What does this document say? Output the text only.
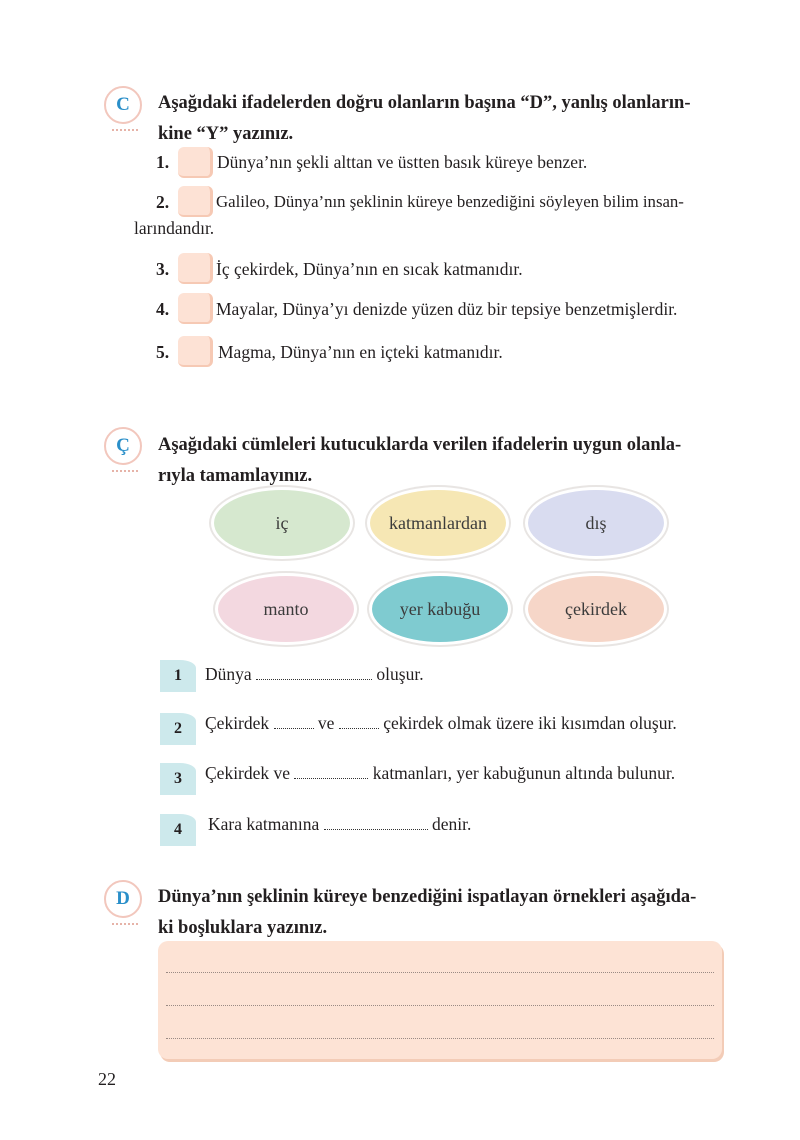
C Aşağıdaki ifadelerden doğru olanların başına “D”, yanlış olanların-
kine “Y” yazınız.
1.	Dünya’nın şekli alttan ve üstten basık küreye benzer.
2.	Galileo, Dünya’nın şeklinin küreye benzediğini söyleyen bilim insan-
larındandır.
3.	İç çekirdek, Dünya’nın en sıcak katmanıdır.
4.	Mayalar, Dünya’yı denizde yüzen düz bir tepsiye benzetmişlerdir.
5.	Magma, Dünya’nın en içteki katmanıdır.
Ç Aşağıdaki cümleleri kutucuklarda verilen ifadelerin uygun olanla-
rıyla tamamlayınız.
iç	katmanlardan	dış
manto	yer kabuğu	çekirdek
1 Dünya	oluşur.
2 Çekirdek  ve  çekirdek olmak üzere iki kısımdan oluşur.
3 Çekirdek ve	katmanları, yer kabuğunun altında bulunur.
4 Kara katmanına	denir.
D Dünya’nın şeklinin küreye benzediğini ispatlayan örnekleri aşağıda-
ki boşluklara yazınız.
22
